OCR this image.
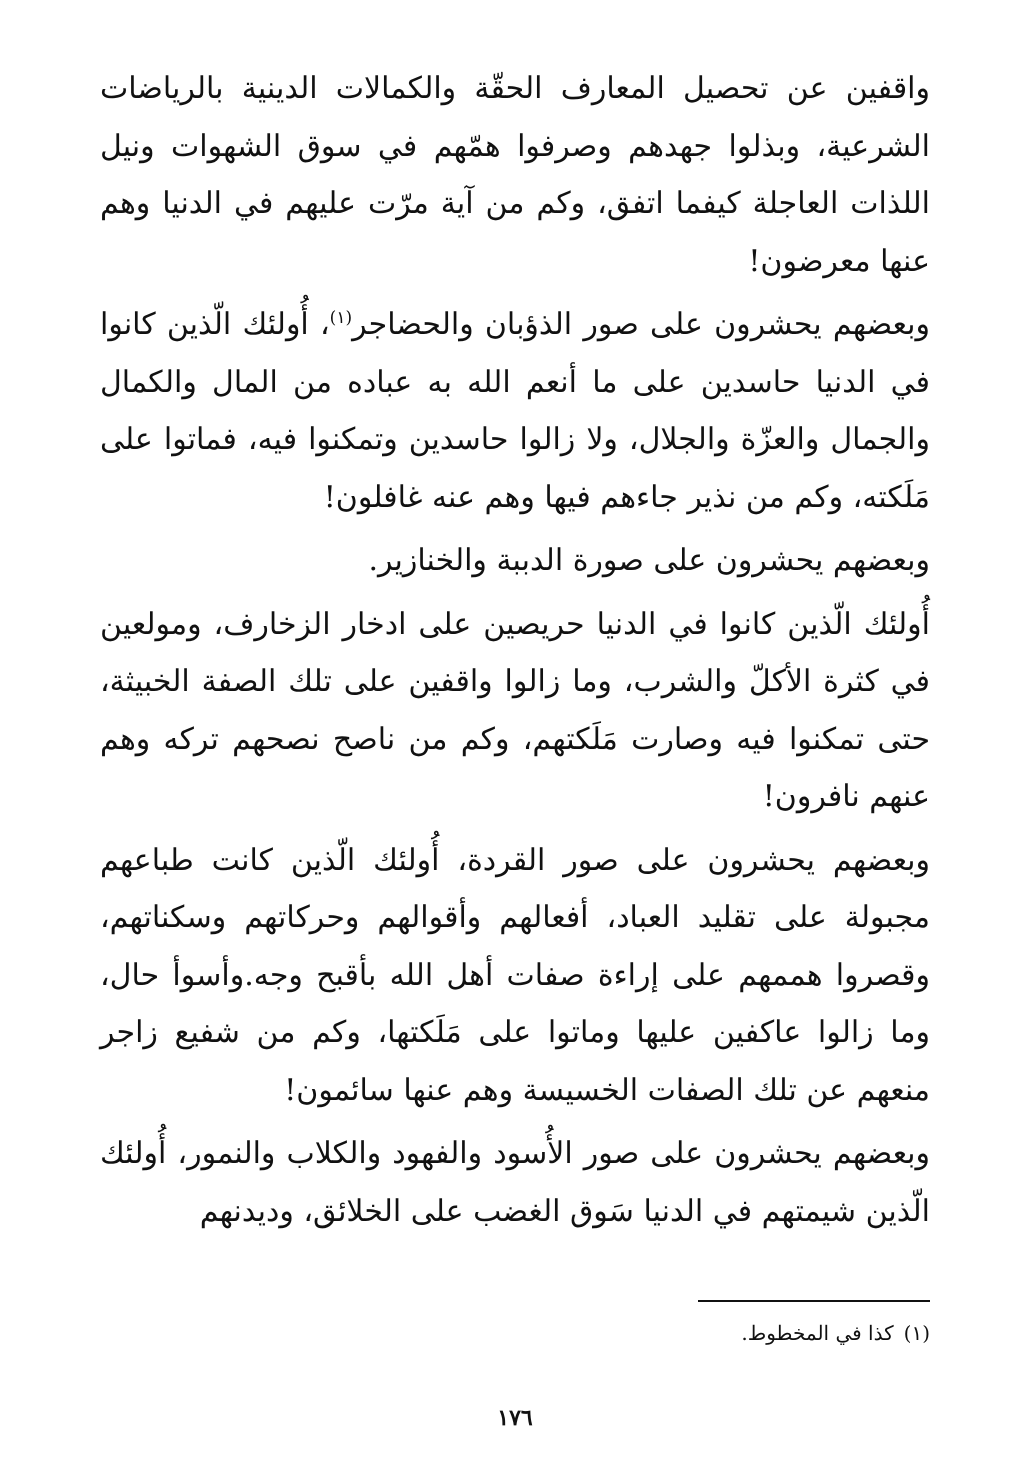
واقفين عن تحصيل المعارف الحقّة والكمالات الدينية بالرياضات الشرعية، وبذلوا جهدهم وصرفوا همّهم في سوق الشهوات ونيل اللذات العاجلة كيفما اتفق، وكم من آية مرّت عليهم في الدنيا وهم عنها معرضون!

وبعضهم يحشرون على صور الذؤبان والحضاجر$^{(١)}$، أُولئك الّذين كانوا في الدنيا حاسدين على ما أنعم الله به عباده من المال والكمال والجمال والعزّة والجلال، ولا زالوا حاسدين وتمكنوا فيه، فماتوا على مَلَكته، وكم من نذير جاءهم فيها وهم عنه غافلون!

وبعضهم يحشرون على صورة الدببة والخنازير.

أُولئك الّذين كانوا في الدنيا حريصين على ادخار الزخارف، ومولعين في كثرة الأكلّ والشرب، وما زالوا واقفين على تلك الصفة الخبيثة، حتى تمكنوا فيه وصارت مَلَكتهم، وكم من ناصح نصحهم تركه وهم عنهم نافرون!

وبعضهم يحشرون على صور القردة، أُولئك الّذين كانت طباعهم مجبولة على تقليد العباد، أفعالهم وأقوالهم وحركاتهم وسكناتهم، وقصروا هممهم على إراءة صفات أهل الله بأقبح وجه.وأسوأ حال، وما زالوا عاكفين عليها وماتوا على مَلَكتها، وكم من شفيع زاجر منعهم عن تلك الصفات الخسيسة وهم عنها سائمون!

وبعضهم يحشرون على صور الأُسود والفهود والكلاب والنمور، أُولئك الّذين شيمتهم في الدنيا سَوق الغضب على الخلائق، وديدنهم

(١)كذا في المخطوط.
١٧٦
